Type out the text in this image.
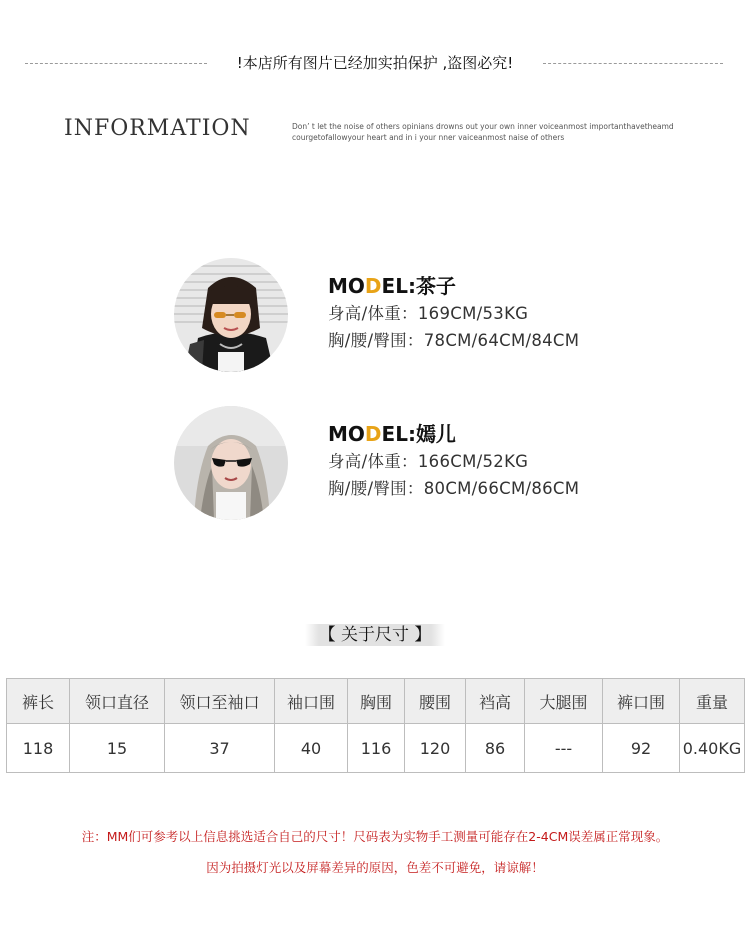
!本店所有图片已经加实拍保护 ,盗图必究!
INFORMATION	Don’ t let the noise of others opinians drowns out your own inner voiceanmost importanthavetheamd courgetofallowyour heart and in i your nner vaiceanmost naise of others
MODEL:茶子
身高/体重：169CM/53KG
胸/腰/臀围：78CM/64CM/84CM
MODEL:嫣儿
身高/体重：166CM/52KG
胸/腰/臀围：80CM/66CM/86CM
【 关于尺寸 】
裤长	领口直径	领口至袖口	袖口围	胸围	腰围	裆高	大腿围	裤口围	重量
118	15	37	40	116	120	86	---	92	0.40KG
注：MM们可参考以上信息挑选适合自己的尺寸！尺码表为实物手工测量可能存在2-4CM误差属正常现象。
因为拍摄灯光以及屏幕差异的原因，色差不可避免，请谅解！
